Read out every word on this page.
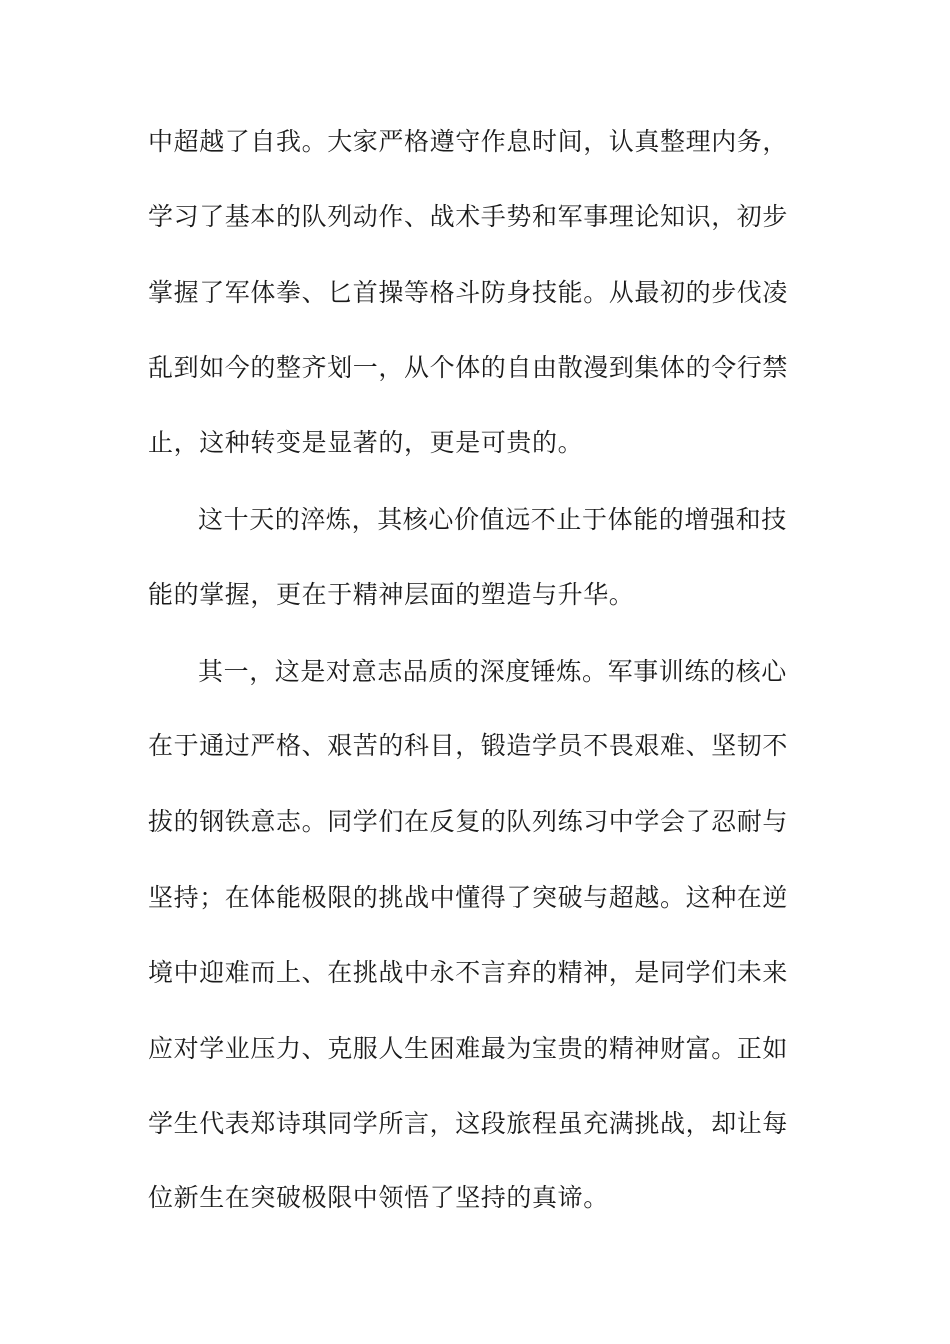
中超越了自我。大家严格遵守作息时间，认真整理内务，
学习了基本的队列动作、战术手势和军事理论知识，初步
掌握了军体拳、匕首操等格斗防身技能。从最初的步伐凌
乱到如今的整齐划一，从个体的自由散漫到集体的令行禁
止，这种转变是显著的，更是可贵的。
这十天的淬炼，其核心价值远不止于体能的增强和技
能的掌握，更在于精神层面的塑造与升华。
其一，这是对意志品质的深度锤炼。军事训练的核心
在于通过严格、艰苦的科目，锻造学员不畏艰难、坚韧不
拔的钢铁意志。同学们在反复的队列练习中学会了忍耐与
坚持；在体能极限的挑战中懂得了突破与超越。这种在逆
境中迎难而上、在挑战中永不言弃的精神，是同学们未来
应对学业压力、克服人生困难最为宝贵的精神财富。正如
学生代表郑诗琪同学所言，这段旅程虽充满挑战，却让每
位新生在突破极限中领悟了坚持的真谛。
